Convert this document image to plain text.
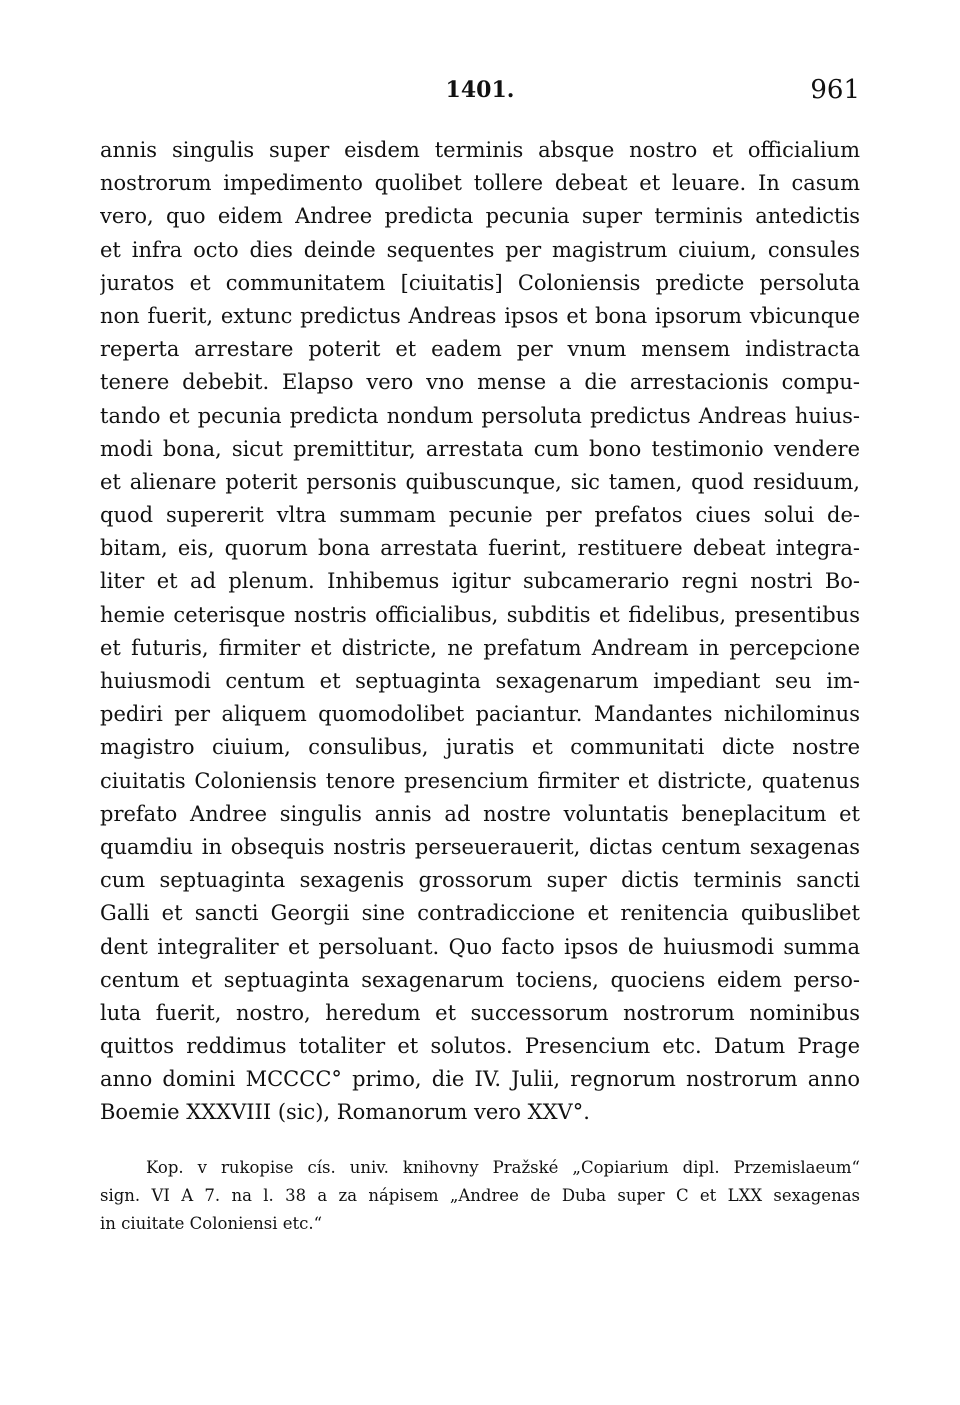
1401.	961
annis singulis super eisdem terminis absque nostro et officialium
nostrorum impedimento quolibet tollere debeat et leuare. In casum
vero, quo eidem Andree predicta pecunia super terminis antedictis
et infra octo dies deinde sequentes per magistrum ciuium, consules
juratos et communitatem [ciuitatis] Coloniensis predicte persoluta
non fuerit, extunc predictus Andreas ipsos et bona ipsorum vbicunque
reperta arrestare poterit et eadem per vnum mensem indistracta
tenere debebit. Elapso vero vno mense a die arrestacionis compu-
tando et pecunia predicta nondum persoluta predictus Andreas huius-
modi bona, sicut premittitur, arrestata cum bono testimonio vendere
et alienare poterit personis quibuscunque, sic tamen, quod residuum,
quod supererit vltra summam pecunie per prefatos ciues solui de-
bitam, eis, quorum bona arrestata fuerint, restituere debeat integra-
liter et ad plenum. Inhibemus igitur subcamerario regni nostri Bo-
hemie ceterisque nostris officialibus, subditis et fidelibus, presentibus
et futuris, firmiter et districte, ne prefatum Andream in percepcione
huiusmodi centum et septuaginta sexagenarum impediant seu im-
pediri per aliquem quomodolibet paciantur. Mandantes nichilominus
magistro ciuium, consulibus, juratis et communitati dicte nostre
ciuitatis Coloniensis tenore presencium firmiter et districte, quatenus
prefato Andree singulis annis ad nostre voluntatis beneplacitum et
quamdiu in obsequis nostris perseuerauerit, dictas centum sexagenas
cum septuaginta sexagenis grossorum super dictis terminis sancti
Galli et sancti Georgii sine contradiccione et renitencia quibuslibet
dent integraliter et persoluant. Quo facto ipsos de huiusmodi summa
centum et septuaginta sexagenarum tociens, quociens eidem perso-
luta fuerit, nostro, heredum et successorum nostrorum nominibus
quittos reddimus totaliter et solutos. Presencium etc. Datum Prage
anno domini MCCCC° primo, die IV. Julii, regnorum nostrorum anno
Boemie XXXVIII (sic), Romanorum vero XXV°.
Kop. v rukopise cís. univ. knihovny Pražské „Copiarium dipl. Przemislaeum“
sign. VI A 7. na l. 38 a za nápisem „Andree de Duba super C et LXX sexagenas
in ciuitate Coloniensi etc.“
